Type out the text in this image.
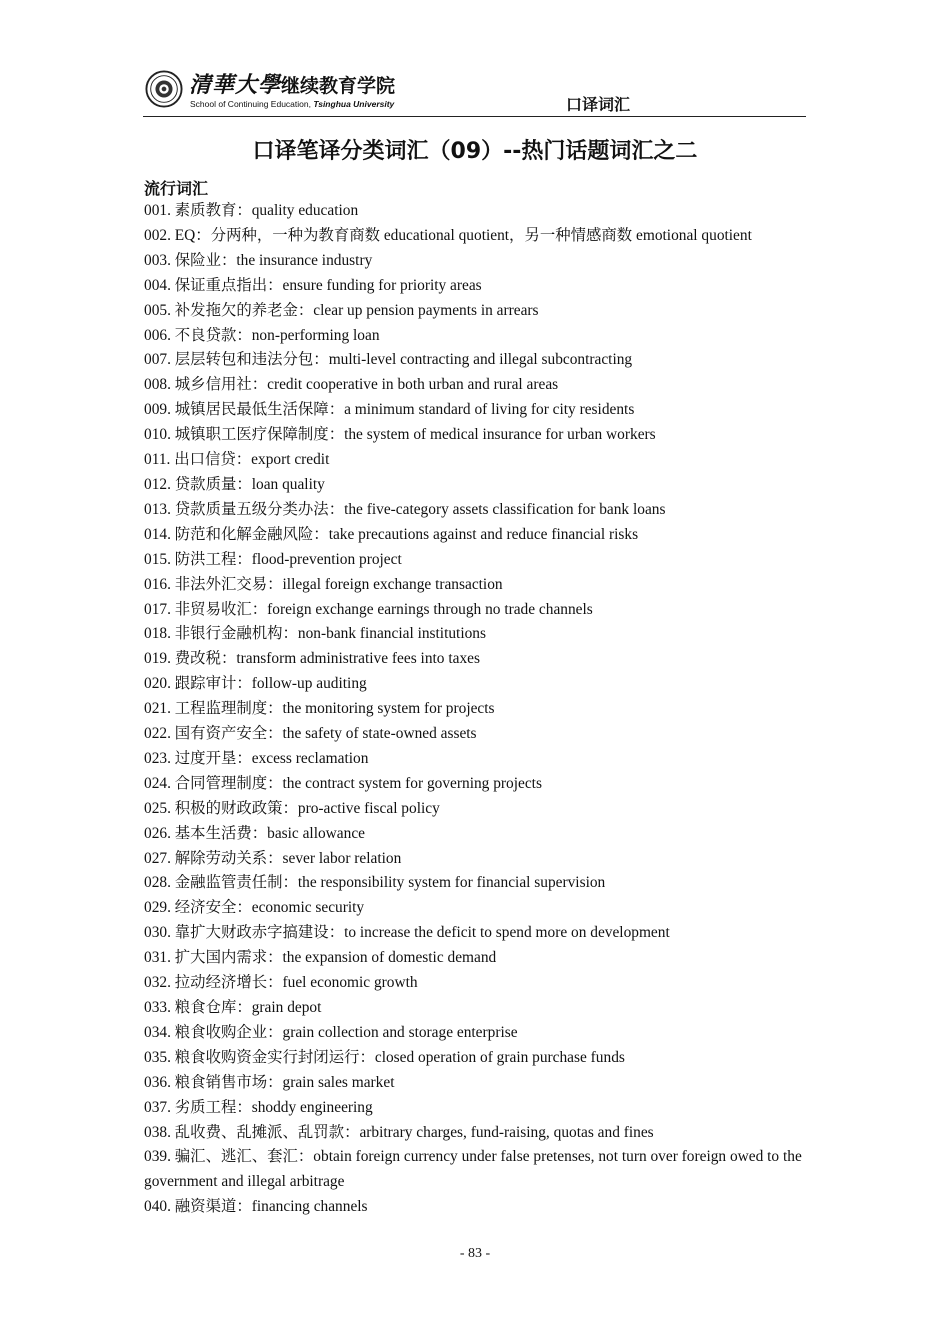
清華大學继续教育学院
School of Continuing Education, Tsinghua University	口译词汇
口译笔译分类词汇（09）--热门话题词汇之二
流行词汇
001. 素质教育：quality education
002. EQ：分两种，一种为教育商数 educational quotient，另一种情感商数 emotional quotient
003. 保险业：the insurance industry
004. 保证重点指出：ensure funding for priority areas
005. 补发拖欠的养老金：clear up pension payments in arrears
006. 不良贷款：non-performing loan
007. 层层转包和违法分包：multi-level contracting and illegal subcontracting
008. 城乡信用社：credit cooperative in both urban and rural areas
009. 城镇居民最低生活保障：a minimum standard of living for city residents
010. 城镇职工医疗保障制度：the system of medical insurance for urban workers
011. 出口信贷：export credit
012. 贷款质量：loan quality
013. 贷款质量五级分类办法：the five-category assets classification for bank loans
014. 防范和化解金融风险：take precautions against and reduce financial risks
015. 防洪工程：flood-prevention project
016. 非法外汇交易：illegal foreign exchange transaction
017. 非贸易收汇：foreign exchange earnings through no trade channels
018. 非银行金融机构：non-bank financial institutions
019. 费改税：transform administrative fees into taxes
020. 跟踪审计：follow-up auditing
021. 工程监理制度：the monitoring system for projects
022. 国有资产安全：the safety of state-owned assets
023. 过度开垦：excess reclamation
024. 合同管理制度：the contract system for governing projects
025. 积极的财政政策：pro-active fiscal policy
026. 基本生活费：basic allowance
027. 解除劳动关系：sever labor relation
028. 金融监管责任制：the responsibility system for financial supervision
029. 经济安全：economic security
030. 靠扩大财政赤字搞建设：to increase the deficit to spend more on development
031. 扩大国内需求：the expansion of domestic demand
032. 拉动经济增长：fuel economic growth
033. 粮食仓库：grain depot
034. 粮食收购企业：grain collection and storage enterprise
035. 粮食收购资金实行封闭运行：closed operation of grain purchase funds
036. 粮食销售市场：grain sales market
037. 劣质工程：shoddy engineering
038. 乱收费、乱摊派、乱罚款：arbitrary charges, fund-raising, quotas and fines
039. 骗汇、逃汇、套汇：obtain foreign currency under false pretenses, not turn over foreign owed to the government and illegal arbitrage
040. 融资渠道：financing channels
- 83 -
